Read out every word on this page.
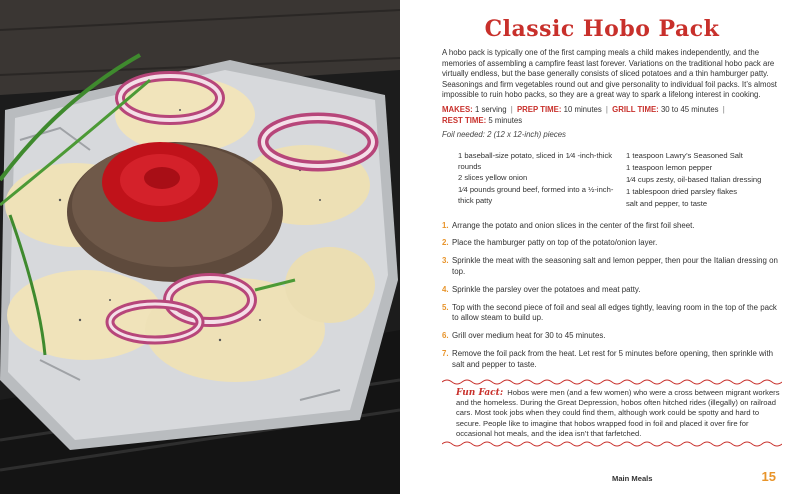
Classic Hobo Pack

A hobo pack is typically one of the first camping meals a child makes independently, and the memories of assembling a campfire feast last forever. Variations on the traditional hobo pack are virtually endless, but the base generally consists of sliced potatoes and a thin hamburger patty. Seasonings and firm vegetables round out and give personality to individual foil packs. It’s almost impossible to ruin hobo packs, so they are a great way to spark a lifelong interest in cooking.

MAKES: 1 serving | PREP TIME: 10 minutes | GRILL TIME: 30 to 45 minutes |
REST TIME: 5 minutes
Foil needed: 2 (12 x 12-inch) pieces
1 baseball-size potato, sliced in 1⁄4 -inch-thick rounds
2 slices yellow onion
1⁄4 pounds ground beef, formed into a ½-inch-thick patty
1 teaspoon Lawry’s Seasoned Salt
1 teaspoon lemon pepper
1⁄4 cups zesty, oil-based Italian dressing
1 tablespoon dried parsley flakes
salt and pepper, to taste
1. Arrange the potato and onion slices in the center of the first foil sheet.
2. Place the hamburger patty on top of the potato/onion layer.
3. Sprinkle the meat with the seasoning salt and lemon pepper, then pour the Italian dressing on top.
4. Sprinkle the parsley over the potatoes and meat patty.
5. Top with the second piece of foil and seal all edges tightly, leaving room in the top of the pack to allow steam to build up.
6. Grill over medium heat for 30 to 45 minutes.
7. Remove the foil pack from the heat. Let rest for 5 minutes before opening, then sprinkle with salt and pepper to taste.
Fun Fact: Hobos were men (and a few women) who were a cross between migrant workers and the homeless. During the Great Depression, hobos often hitched rides (illegally) on railroad cars. Most took jobs when they could find them, although work could be spotty and hard to secure. People like to imagine that hobos wrapped food in foil and placed it over fire for occasional hot meals, and the idea isn’t that farfetched.
Main Meals	15
